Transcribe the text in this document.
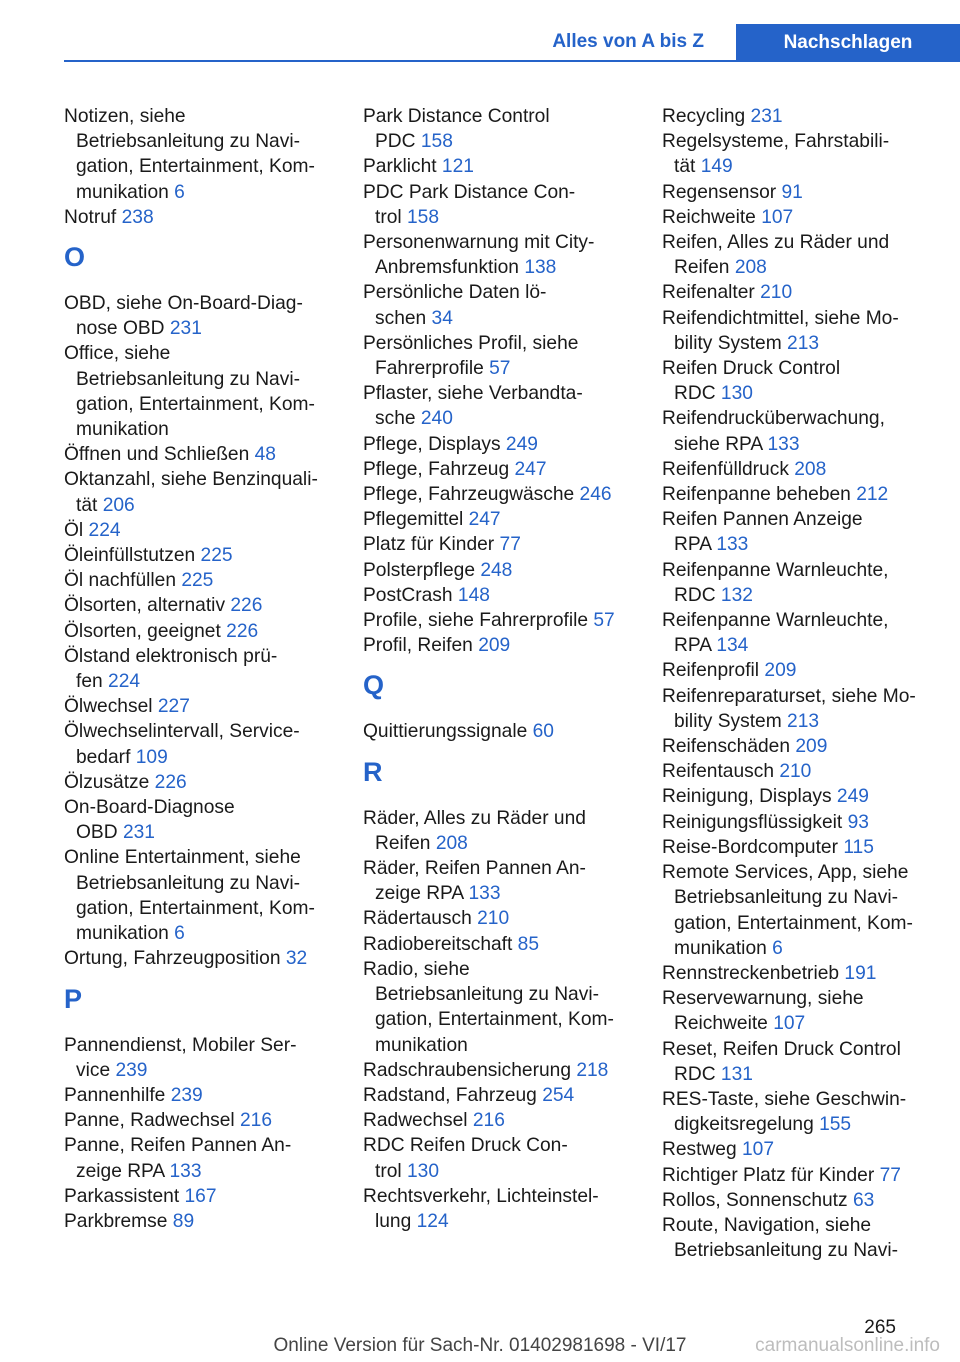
Alles von A bis Z	Nachschlagen
Notizen, siehe
Betriebsanleitung zu Navi-
gation, Entertainment, Kom-
munikation 6
Notruf 238
O
OBD, siehe On-Board-Diag-
nose OBD 231
Office, siehe
Betriebsanleitung zu Navi-
gation, Entertainment, Kom-
munikation
Öffnen und Schließen 48
Oktanzahl, siehe Benzinquali-
tät 206
Öl 224
Öleinfüllstutzen 225
Öl nachfüllen 225
Ölsorten, alternativ 226
Ölsorten, geeignet 226
Ölstand elektronisch prü-
fen 224
Ölwechsel 227
Ölwechselintervall, Service-
bedarf 109
Ölzusätze 226
On-Board-Diagnose
OBD 231
Online Entertainment, siehe
Betriebsanleitung zu Navi-
gation, Entertainment, Kom-
munikation 6
Ortung, Fahrzeugposition 32
P
Pannendienst, Mobiler Ser-
vice 239
Pannenhilfe 239
Panne, Radwechsel 216
Panne, Reifen Pannen An-
zeige RPA 133
Parkassistent 167
Parkbremse 89
Park Distance Control
PDC 158
Parklicht 121
PDC Park Distance Con-
trol 158
Personenwarnung mit City-
Anbremsfunktion 138
Persönliche Daten lö-
schen 34
Persönliches Profil, siehe
Fahrerprofile 57
Pflaster, siehe Verbandta-
sche 240
Pflege, Displays 249
Pflege, Fahrzeug 247
Pflege, Fahrzeugwäsche 246
Pflegemittel 247
Platz für Kinder 77
Polsterpflege 248
PostCrash 148
Profile, siehe Fahrerprofile 57
Profil, Reifen 209
Q
Quittierungssignale 60
R
Räder, Alles zu Räder und
Reifen 208
Räder, Reifen Pannen An-
zeige RPA 133
Rädertausch 210
Radiobereitschaft 85
Radio, siehe
Betriebsanleitung zu Navi-
gation, Entertainment, Kom-
munikation
Radschraubensicherung 218
Radstand, Fahrzeug 254
Radwechsel 216
RDC Reifen Druck Con-
trol 130
Rechtsverkehr, Lichteinstel-
lung 124
Recycling 231
Regelsysteme, Fahrstabili-
tät 149
Regensensor 91
Reichweite 107
Reifen, Alles zu Räder und
Reifen 208
Reifenalter 210
Reifendichtmittel, siehe Mo-
bility System 213
Reifen Druck Control
RDC 130
Reifendrucküberwachung,
siehe RPA 133
Reifenfülldruck 208
Reifenpanne beheben 212
Reifen Pannen Anzeige
RPA 133
Reifenpanne Warnleuchte,
RDC 132
Reifenpanne Warnleuchte,
RPA 134
Reifenprofil 209
Reifenreparaturset, siehe Mo-
bility System 213
Reifenschäden 209
Reifentausch 210
Reinigung, Displays 249
Reinigungsflüssigkeit 93
Reise-Bordcomputer 115
Remote Services, App, siehe
Betriebsanleitung zu Navi-
gation, Entertainment, Kom-
munikation 6
Rennstreckenbetrieb 191
Reservewarnung, siehe
Reichweite 107
Reset, Reifen Druck Control
RDC 131
RES-Taste, siehe Geschwin-
digkeitsregelung 155
Restweg 107
Richtiger Platz für Kinder 77
Rollos, Sonnenschutz 63
Route, Navigation, siehe
Betriebsanleitung zu Navi-
265
Online Version für Sach-Nr. 01402981698 - VI/17	carmanualsonline.info
